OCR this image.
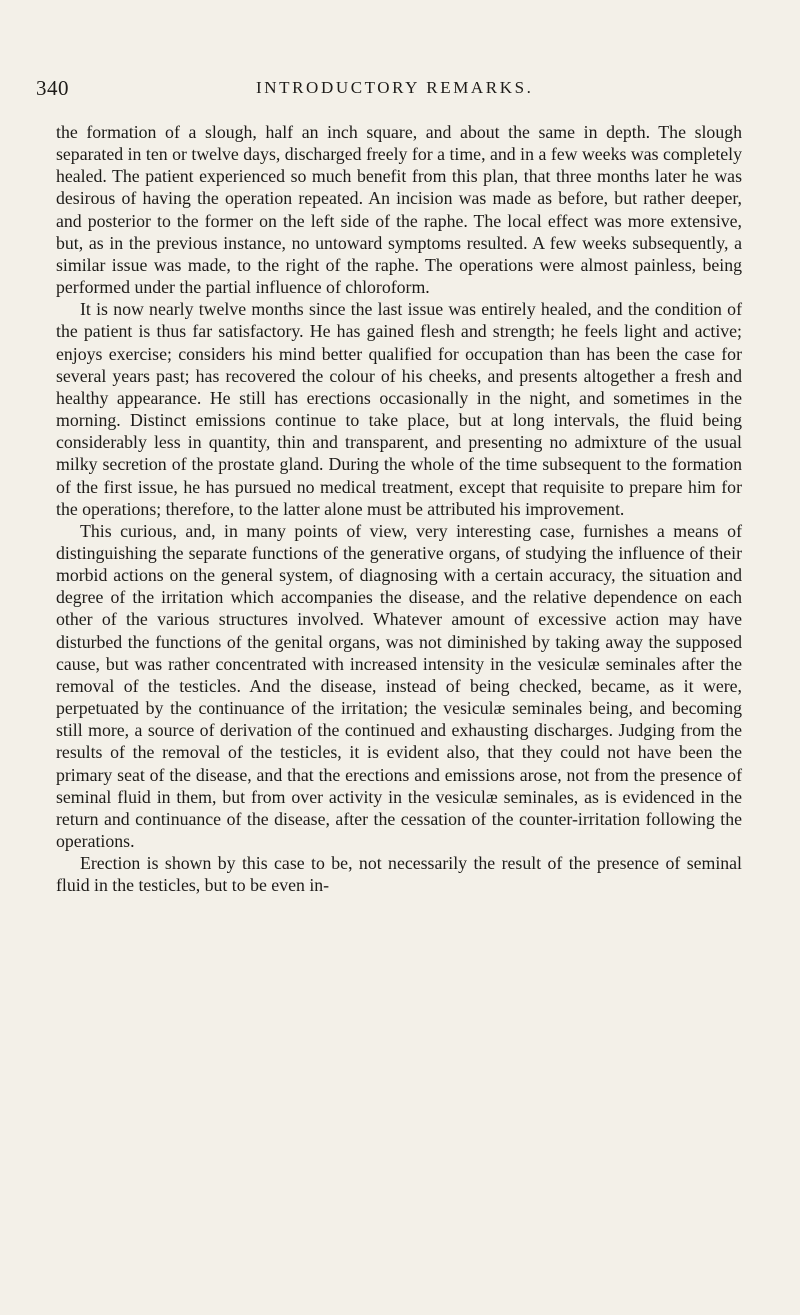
340	INTRODUCTORY REMARKS.

the formation of a slough, half an inch square, and about the same in depth. The slough separated in ten or twelve days, discharged freely for a time, and in a few weeks was completely healed. The patient experienced so much benefit from this plan, that three months later he was desirous of having the operation repeated. An incision was made as before, but rather deeper, and posterior to the former on the left side of the raphe. The local effect was more extensive, but, as in the previous instance, no untoward symptoms resulted. A few weeks subsequently, a similar issue was made, to the right of the raphe. The operations were almost painless, being performed under the partial influence of chloroform.

It is now nearly twelve months since the last issue was entirely healed, and the condition of the patient is thus far satisfactory. He has gained flesh and strength; he feels light and active; enjoys exercise; considers his mind better qualified for occupation than has been the case for several years past; has recovered the colour of his cheeks, and presents altogether a fresh and healthy appearance. He still has erections occasionally in the night, and sometimes in the morning. Distinct emissions continue to take place, but at long intervals, the fluid being considerably less in quantity, thin and transparent, and presenting no admixture of the usual milky secretion of the prostate gland. During the whole of the time subsequent to the formation of the first issue, he has pursued no medical treatment, except that requisite to prepare him for the operations; therefore, to the latter alone must be attributed his improvement.

This curious, and, in many points of view, very interesting case, furnishes a means of distinguishing the separate functions of the generative organs, of studying the influence of their morbid actions on the general system, of diagnosing with a certain accuracy, the situation and degree of the irritation which accompanies the disease, and the relative dependence on each other of the various structures involved. Whatever amount of excessive action may have disturbed the functions of the genital organs, was not diminished by taking away the supposed cause, but was rather concentrated with increased intensity in the vesiculæ seminales after the removal of the testicles. And the disease, instead of being checked, became, as it were, perpetuated by the continuance of the irritation; the vesiculæ seminales being, and becoming still more, a source of derivation of the continued and exhausting discharges. Judging from the results of the removal of the testicles, it is evident also, that they could not have been the primary seat of the disease, and that the erections and emissions arose, not from the presence of seminal fluid in them, but from over activity in the vesiculæ seminales, as is evidenced in the return and continuance of the disease, after the cessation of the counter-irritation following the operations.

Erection is shown by this case to be, not necessarily the result of the presence of seminal fluid in the testicles, but to be even in-
